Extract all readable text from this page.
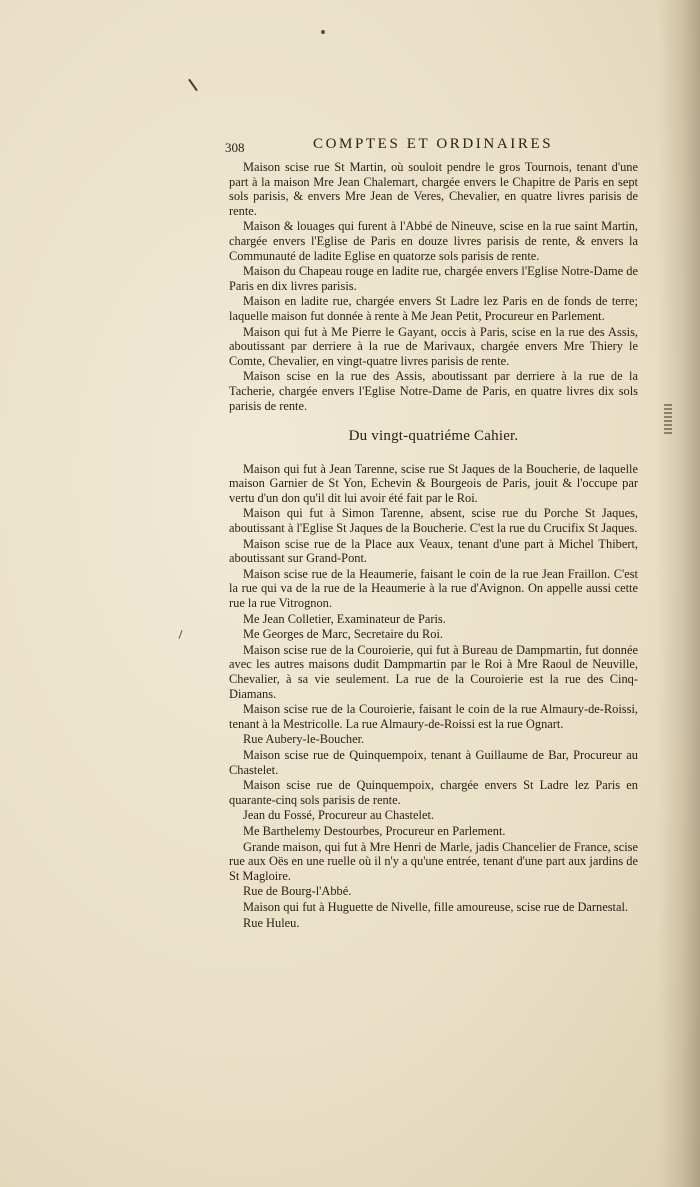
308	COMPTES ET ORDINAIRES

Maison scise rue St Martin, où souloit pendre le gros Tournois, tenant d'une part à la maison Mre Jean Chalemart, chargée envers le Chapitre de Paris en sept sols parisis, & envers Mre Jean de Veres, Chevalier, en quatre livres parisis de rente.

Maison & louages qui furent à l'Abbé de Nineuve, scise en la rue saint Martin, chargée envers l'Eglise de Paris en douze livres parisis de rente, & envers la Communauté de ladite Eglise en quatorze sols parisis de rente.

Maison du Chapeau rouge en ladite rue, chargée envers l'Eglise Notre-Dame de Paris en dix livres parisis.

Maison en ladite rue, chargée envers St Ladre lez Paris en de fonds de terre; laquelle maison fut donnée à rente à Me Jean Petit, Procureur en Parlement.

Maison qui fut à Me Pierre le Gayant, occis à Paris, scise en la rue des Assis, aboutissant par derriere à la rue de Marivaux, chargée envers Mre Thiery le Comte, Chevalier, en vingt-quatre livres parisis de rente.

Maison scise en la rue des Assis, aboutissant par derriere à la rue de la Tacherie, chargée envers l'Eglise Notre-Dame de Paris, en quatre livres dix sols parisis de rente.

Du vingt-quatriéme Cahier.

Maison qui fut à Jean Tarenne, scise rue St Jaques de la Boucherie, de laquelle maison Garnier de St Yon, Echevin & Bourgeois de Paris, jouit & l'occupe par vertu d'un don qu'il dit lui avoir été fait par le Roi.

Maison qui fut à Simon Tarenne, absent, scise rue du Porche St Jaques, aboutissant à l'Eglise St Jaques de la Boucherie. C'est la rue du Crucifix St Jaques.

Maison scise rue de la Place aux Veaux, tenant d'une part à Michel Thibert, aboutissant sur Grand-Pont.

Maison scise rue de la Heaumerie, faisant le coin de la rue Jean Fraillon. C'est la rue qui va de la rue de la Heaumerie à la rue d'Avignon. On appelle aussi cette rue la rue Vitrognon.

Me Jean Colletier, Examinateur de Paris.

Me Georges de Marc, Secretaire du Roi.

Maison scise rue de la Couroierie, qui fut à Bureau de Dampmartin, fut donnée avec les autres maisons dudit Dampmartin par le Roi à Mre Raoul de Neuville, Chevalier, à sa vie seulement. La rue de la Couroierie est la rue des Cinq-Diamans.

Maison scise rue de la Couroierie, faisant le coin de la rue Almaury-de-Roissi, tenant à la Mestricolle. La rue Almaury-de-Roissi est la rue Ognart.

Rue Aubery-le-Boucher.

Maison scise rue de Quinquempoix, tenant à Guillaume de Bar, Procureur au Chastelet.

Maison scise rue de Quinquempoix, chargée envers St Ladre lez Paris en quarante-cinq sols parisis de rente.

Jean du Fossé, Procureur au Chastelet.

Me Barthelemy Destourbes, Procureur en Parlement.

Grande maison, qui fut à Mre Henri de Marle, jadis Chancelier de France, scise rue aux Oës en une ruelle où il n'y a qu'une entrée, tenant d'une part aux jardins de St Magloire.

Rue de Bourg-l'Abbé.

Maison qui fut à Huguette de Nivelle, fille amoureuse, scise rue de Darnestal.

Rue Huleu.
